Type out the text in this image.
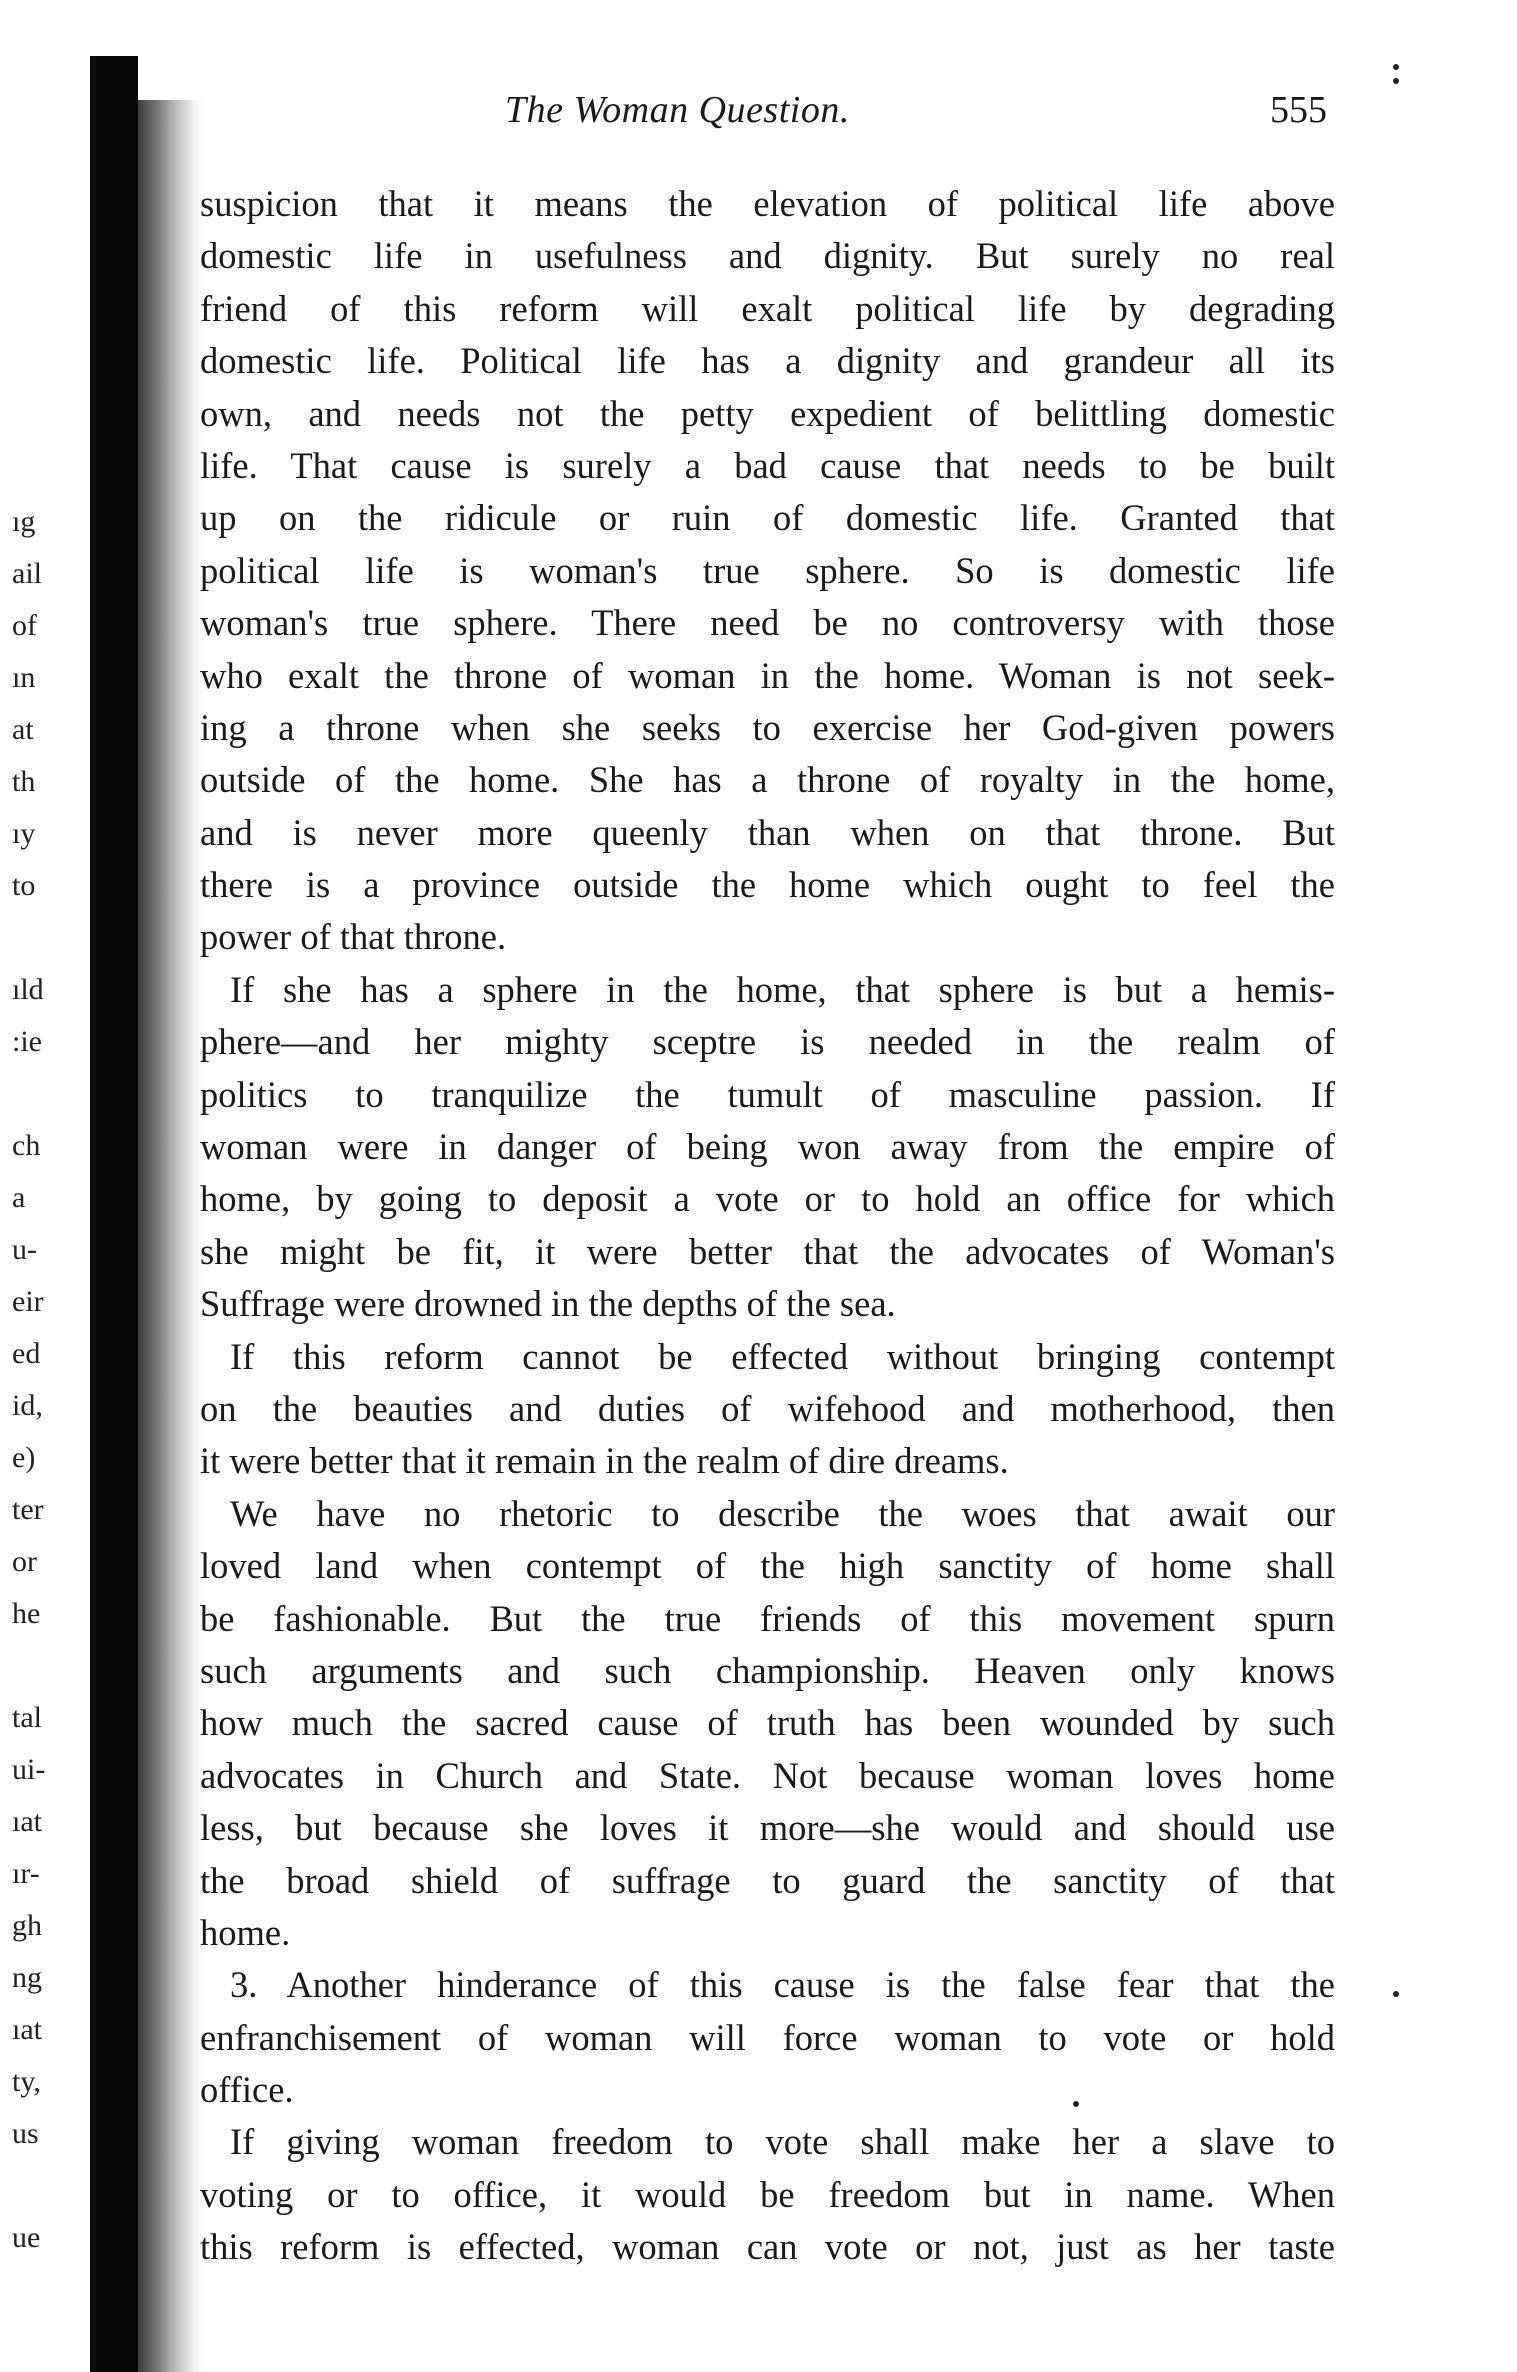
ıg
ail
of
ın
at
th
ıy
to
ıld
:ie
ch
a
u-
eir
ed
id,
e)
ter
or
he
tal
ui-
ıat
ır-
gh
ng
ıat
ty,
us
ue
The Woman Question.	555
suspicion that it means the elevation of political life above
domestic life in usefulness and dignity. But surely no real
friend of this reform will exalt political life by degrading
domestic life. Political life has a dignity and grandeur all its
own, and needs not the petty expedient of belittling domestic
life. That cause is surely a bad cause that needs to be built
up on the ridicule or ruin of domestic life. Granted that
political life is woman's true sphere. So is domestic life
woman's true sphere. There need be no controversy with those
who exalt the throne of woman in the home. Woman is not seek-
ing a throne when she seeks to exercise her God-given powers
outside of the home. She has a throne of royalty in the home,
and is never more queenly than when on that throne. But
there is a province outside the home which ought to feel the
power of that throne.
If she has a sphere in the home, that sphere is but a hemis-
phere—and her mighty sceptre is needed in the realm of
politics to tranquilize the tumult of masculine passion. If
woman were in danger of being won away from the empire of
home, by going to deposit a vote or to hold an office for which
she might be fit, it were better that the advocates of Woman's
Suffrage were drowned in the depths of the sea.
If this reform cannot be effected without bringing contempt
on the beauties and duties of wifehood and motherhood, then
it were better that it remain in the realm of dire dreams.
We have no rhetoric to describe the woes that await our
loved land when contempt of the high sanctity of home shall
be fashionable. But the true friends of this movement spurn
such arguments and such championship. Heaven only knows
how much the sacred cause of truth has been wounded by such
advocates in Church and State. Not because woman loves home
less, but because she loves it more—she would and should use
the broad shield of suffrage to guard the sanctity of that
home.
3. Another hinderance of this cause is the false fear that the
enfranchisement of woman will force woman to vote or hold
office.
If giving woman freedom to vote shall make her a slave to
voting or to office, it would be freedom but in name. When
this reform is effected, woman can vote or not, just as her taste
